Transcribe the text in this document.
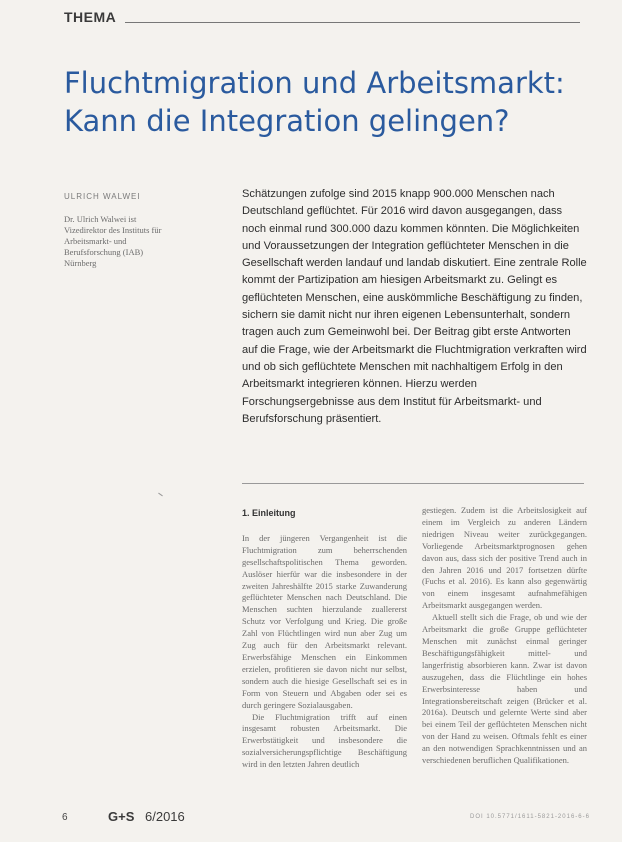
THEMA
Fluchtmigration und Arbeitsmarkt:
Kann die Integration gelingen?
ULRICH WALWEI
Dr. Ulrich Walwei ist Vizedirektor des Instituts für Arbeitsmarkt- und Berufsforschung (IAB) Nürnberg
Schätzungen zufolge sind 2015 knapp 900.000 Menschen nach Deutschland geflüchtet. Für 2016 wird davon ausgegangen, dass noch einmal rund 300.000 dazu kommen könnten. Die Möglichkeiten und Voraussetzungen der Integration geflüchteter Menschen in die Gesellschaft werden landauf und landab diskutiert. Eine zentrale Rolle kommt der Partizipation am hiesigen Arbeitsmarkt zu. Gelingt es geflüchteten Menschen, eine auskömmliche Beschäftigung zu finden, sichern sie damit nicht nur ihren eigenen Lebensunterhalt, sondern tragen auch zum Gemeinwohl bei. Der Beitrag gibt erste Antworten auf die Frage, wie der Arbeitsmarkt die Fluchtmigration verkraften wird und ob sich geflüchtete Menschen mit nachhaltigem Erfolg in den Arbeitsmarkt integrieren können. Hierzu werden Forschungsergebnisse aus dem Institut für Arbeitsmarkt- und Berufsforschung präsentiert.
1. Einleitung

In der jüngeren Vergangenheit ist die Fluchtmigration zum beherrschenden gesellschaftspolitischen Thema geworden. Auslöser hierfür war die insbesondere in der zweiten Jahreshälfte 2015 starke Zuwanderung geflüchteter Menschen nach Deutschland. Die Menschen suchten hierzulande zuallererst Schutz vor Verfolgung und Krieg. Die große Zahl von Flüchtlingen wird nun aber Zug um Zug auch für den Arbeitsmarkt relevant. Erwerbsfähige Menschen ein Einkommen erzielen, profitieren sie davon nicht nur selbst, sondern auch die hiesige Gesellschaft sei es in Form von Steuern und Abgaben oder sei es durch geringere Sozialausgaben.

Die Fluchtmigration trifft auf einen insgesamt robusten Arbeitsmarkt. Die Erwerbstätigkeit und insbesondere die sozialversicherungspflichtige Beschäftigung wird in den letzten Jahren deutlich

gestiegen. Zudem ist die Arbeitslosigkeit auf einem im Vergleich zu anderen Ländern niedrigen Niveau weiter zurückgegangen. Vorliegende Arbeitsmarktprognosen gehen davon aus, dass sich der positive Trend auch in den Jahren 2016 und 2017 fortsetzen dürfte (Fuchs et al. 2016). Es kann also gegenwärtig von einem insgesamt aufnahmefähigen Arbeitsmarkt ausgegangen werden.

Aktuell stellt sich die Frage, ob und wie der Arbeitsmarkt die große Gruppe geflüchteter Menschen mit zunächst einmal geringer Beschäftigungsfähigkeit mittel- und langerfristig absorbieren kann. Zwar ist davon auszugehen, dass die Flüchtlinge ein hohes Erwerbsinteresse haben und Integrationsbereitschaft zeigen (Brücker et al. 2016a). Deutsch und gelernte Werte sind aber bei einem Teil der geflüchteten Menschen nicht von der Hand zu weisen. Oftmals fehlt es einer an den notwendigen Sprachkenntnissen und an verschiedenen beruflichen Qualifikationen.

6	G+S 6/2016	DOI 10.5771/1611-5821-2016-6-6
